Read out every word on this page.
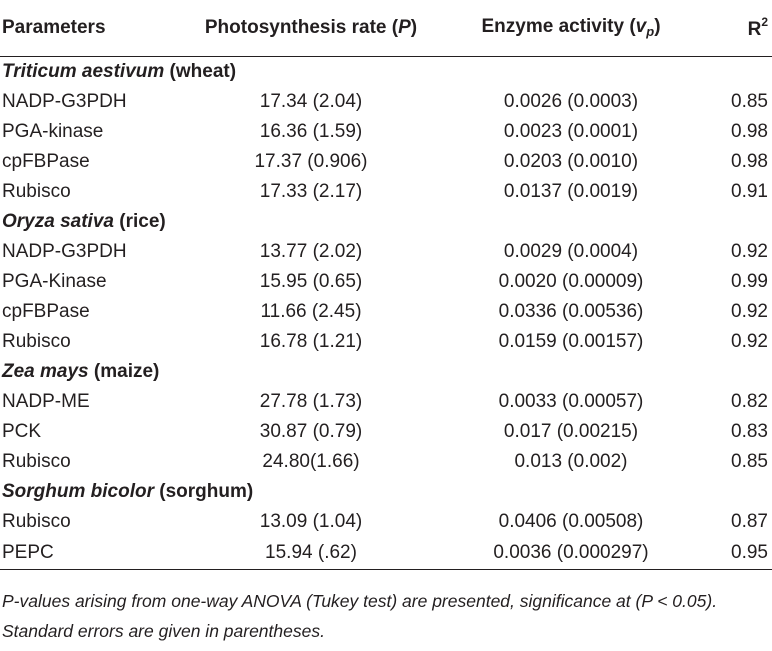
Parameters	Photosynthesis rate (P)	Enzyme activity $(v_p)$	$R^2$
Triticum aestivum (wheat)			
NADP-G3PDH	17.34 (2.04)	0.0026 (0.0003)	0.85
PGA-kinase	16.36 (1.59)	0.0023 (0.0001)	0.98
cpFBPase	17.37 (0.906)	0.0203 (0.0010)	0.98
Rubisco	17.33 (2.17)	0.0137 (0.0019)	0.91
Oryza sativa (rice)			
NADP-G3PDH	13.77 (2.02)	0.0029 (0.0004)	0.92
PGA-Kinase	15.95 (0.65)	0.0020 (0.00009)	0.99
cpFBPase	11.66 (2.45)	0.0336 (0.00536)	0.92
Rubisco	16.78 (1.21)	0.0159 (0.00157)	0.92
Zea mays (maize)			
NADP-ME	27.78 (1.73)	0.0033 (0.00057)	0.82
PCK	30.87 (0.79)	0.017 (0.00215)	0.83
Rubisco	24.80(1.66)	0.013 (0.002)	0.85
Sorghum bicolor (sorghum)			
Rubisco	13.09 (1.04)	0.0406 (0.00508)	0.87
PEPC	15.94 (.62)	0.0036 (0.000297)	0.95
P-values arising from one-way ANOVA (Tukey test) are presented, significance at (P < 0.05).
Standard errors are given in parentheses.
